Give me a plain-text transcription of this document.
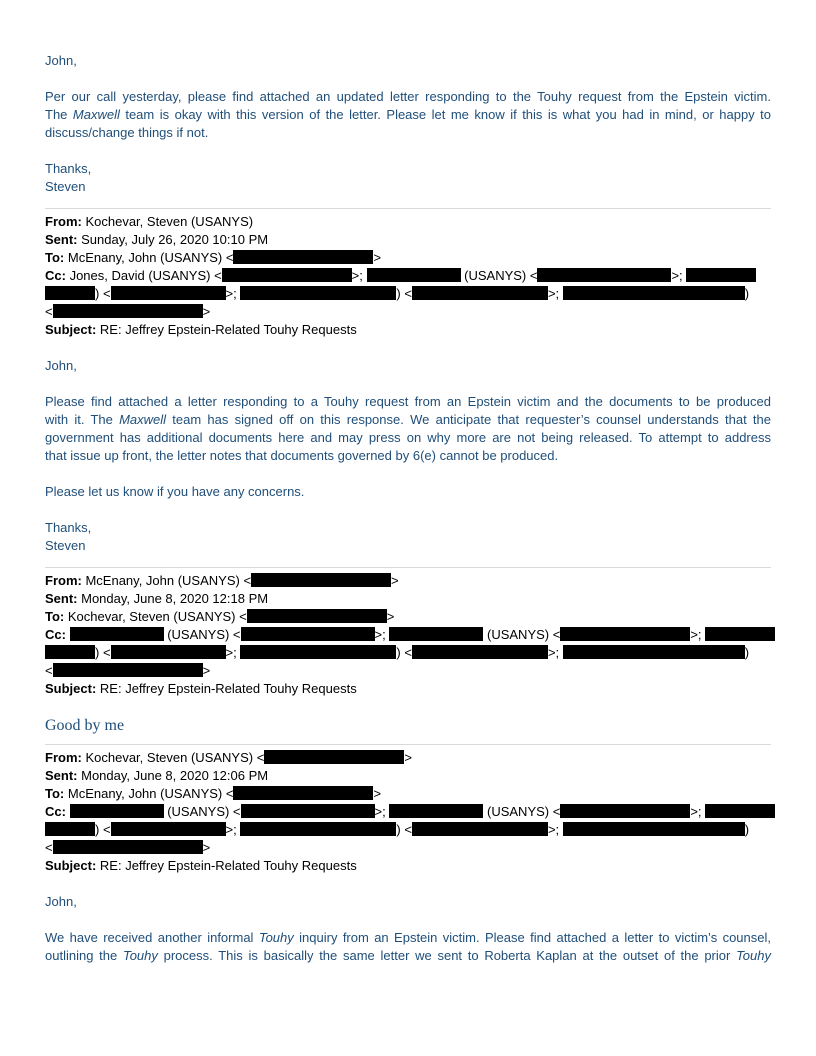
John,

Per our call yesterday, please find attached an updated letter responding to the Touhy request from the Epstein victim.

The Maxwell team is okay with this version of the letter. Please let me know if this is what you had in mind, or happy to

discuss/change things if not.

Thanks,

Steven

From: Kochevar, Steven (USANYS)
Sent: Sunday, July 26, 2020 10:10 PM
To: McEnany, John (USANYS) <	>
Cc: Jones, David (USANYS) <	>;	(USANYS) <	>;
) <	>;	) <	>;	)
<	>
Subject: RE: Jeffrey Epstein-Related Touhy Requests

John,

Please find attached a letter responding to a Touhy request from an Epstein victim and the documents to be produced

with it. The Maxwell team has signed off on this response. We anticipate that requester’s counsel understands that the

government has additional documents here and may press on why more are not being released. To attempt to address

that issue up front, the letter notes that documents governed by 6(e) cannot be produced.

Please let us know if you have any concerns.

Thanks,

Steven

From: McEnany, John (USANYS) <	>
Sent: Monday, June 8, 2020 12:18 PM
To: Kochevar, Steven (USANYS) <	>
Cc:	(USANYS) <	>;	(USANYS) <	>;
) <	>;	) <	>;	)
<	>
Subject: RE: Jeffrey Epstein-Related Touhy Requests

Good by me

From: Kochevar, Steven (USANYS) <	>
Sent: Monday, June 8, 2020 12:06 PM
To: McEnany, John (USANYS) <	>
Cc:	(USANYS) <	>;	(USANYS) <	>;
) <	>;	) <	>;	)
<	>
Subject: RE: Jeffrey Epstein-Related Touhy Requests

John,

We have received another informal Touhy inquiry from an Epstein victim. Please find attached a letter to victim’s counsel,

outlining the Touhy process. This is basically the same letter we sent to Roberta Kaplan at the outset of the prior Touhy
